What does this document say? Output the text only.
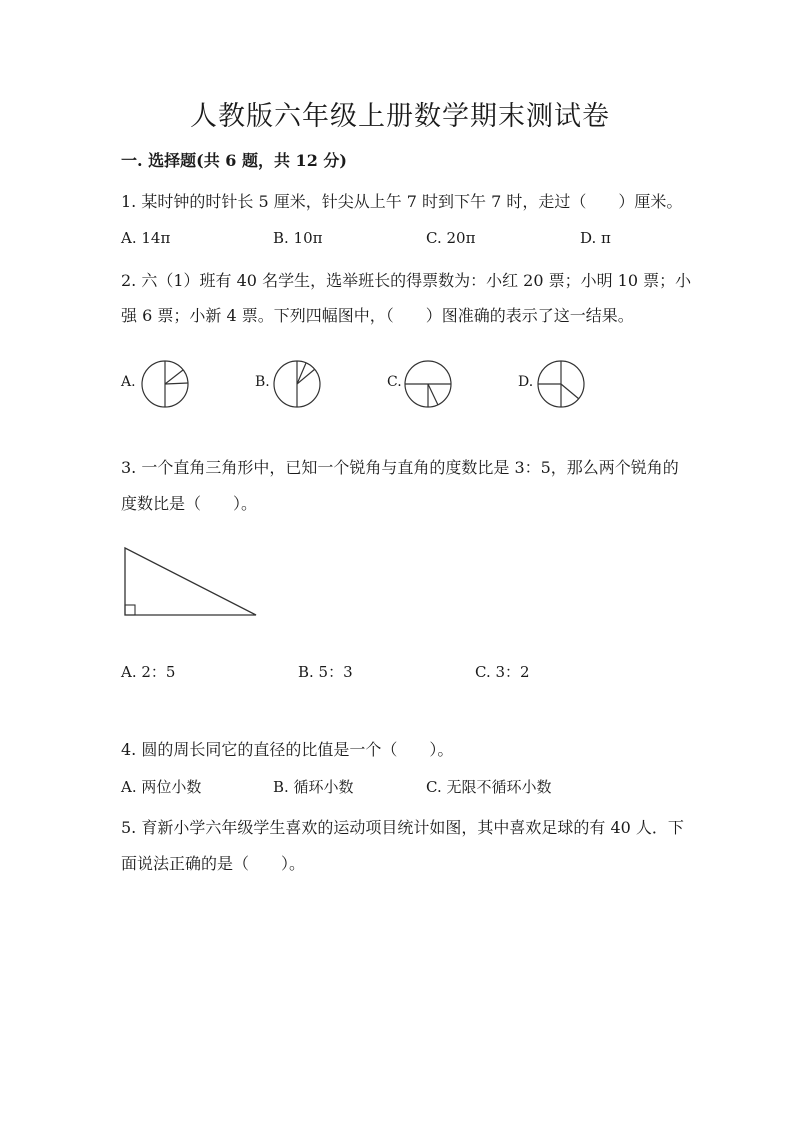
人教版六年级上册数学期末测试卷
一. 选择题(共 6 题，共 12 分)
1. 某时钟的时针长 5 厘米，针尖从上午 7 时到下午 7 时，走过（　　）厘米。
A. 14π	B. 10π	C. 20π	D. π
2. 六（1）班有 40 名学生，选举班长的得票数为：小红 20 票；小明 10 票；小
强 6 票；小新 4 票。下列四幅图中，（　　）图准确的表示了这一结果。
A.	B.	C.	D.
3. 一个直角三角形中，已知一个锐角与直角的度数比是 3：5，那么两个锐角的
度数比是（　　）。
A. 2：5	B. 5：3	C. 3：2
4. 圆的周长同它的直径的比值是一个（　　）。
A. 两位小数	B. 循环小数	C. 无限不循环小数
5. 育新小学六年级学生喜欢的运动项目统计如图，其中喜欢足球的有 40 人．下
面说法正确的是（　　）。
